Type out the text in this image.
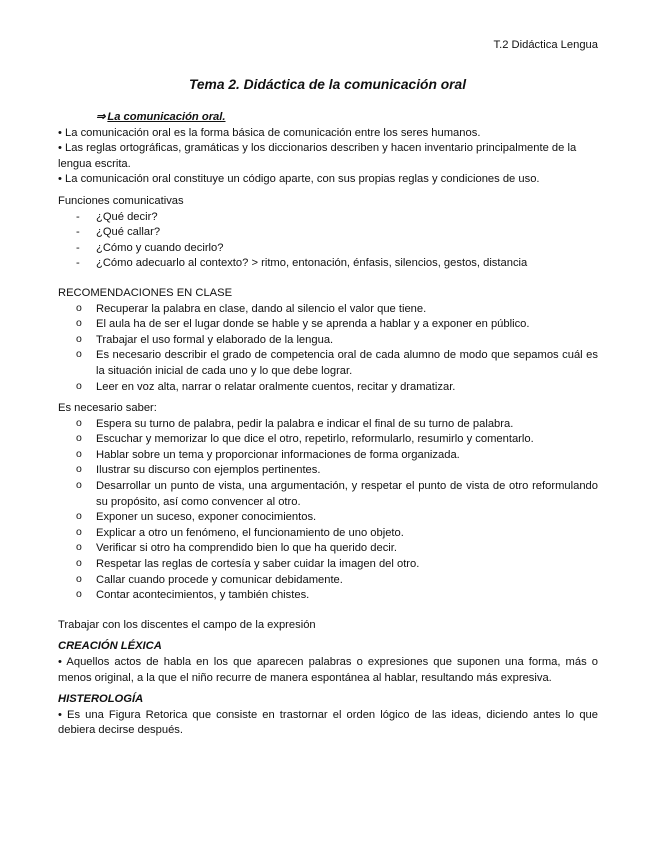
T.2 Didáctica Lengua
Tema 2. Didáctica de la comunicación oral
⇒ La comunicación oral.

• La comunicación oral es la forma básica de comunicación entre los seres humanos.

• Las reglas ortográficas, gramáticas y los diccionarios describen y hacen inventario principalmente de la lengua escrita.

• La comunicación oral constituye un código aparte, con sus propias reglas y condiciones de uso.

Funciones comunicativas

- ¿Qué decir?
- ¿Qué callar?
- ¿Cómo y cuando decirlo?
- ¿Cómo adecuarlo al contexto? > ritmo, entonación, énfasis, silencios, gestos, distancia

RECOMENDACIONES EN CLASE

o Recuperar la palabra en clase, dando al silencio el valor que tiene.
o El aula ha de ser el lugar donde se hable y se aprenda a hablar y a exponer en público.
o Trabajar el uso formal y elaborado de la lengua.
o Es necesario describir el grado de competencia oral de cada alumno de modo que sepamos cuál es la situación inicial de cada uno y lo que debe lograr.
o Leer en voz alta, narrar o relatar oralmente cuentos, recitar y dramatizar.

Es necesario saber:

o Espera su turno de palabra, pedir la palabra e indicar el final de su turno de palabra.
o Escuchar y memorizar lo que dice el otro, repetirlo, reformularlo, resumirlo y comentarlo.
o Hablar sobre un tema y proporcionar informaciones de forma organizada.
o Ilustrar su discurso con ejemplos pertinentes.
o Desarrollar un punto de vista, una argumentación, y respetar el punto de vista de otro reformulando su propósito, así como convencer al otro.
o Exponer un suceso, exponer conocimientos.
o Explicar a otro un fenómeno, el funcionamiento de uno objeto.
o Verificar si otro ha comprendido bien lo que ha querido decir.
o Respetar las reglas de cortesía y saber cuidar la imagen del otro.
o Callar cuando procede y comunicar debidamente.
o Contar acontecimientos, y también chistes.

Trabajar con los discentes el campo de la expresión

CREACIÓN LÉXICA

• Aquellos actos de habla en los que aparecen palabras o expresiones que suponen una forma, más o menos original, a la que el niño recurre de manera espontánea al hablar, resultando más expresiva.

HISTEROLOGÍA

• Es una Figura Retorica que consiste en trastornar el orden lógico de las ideas, diciendo antes lo que debiera decirse después.
